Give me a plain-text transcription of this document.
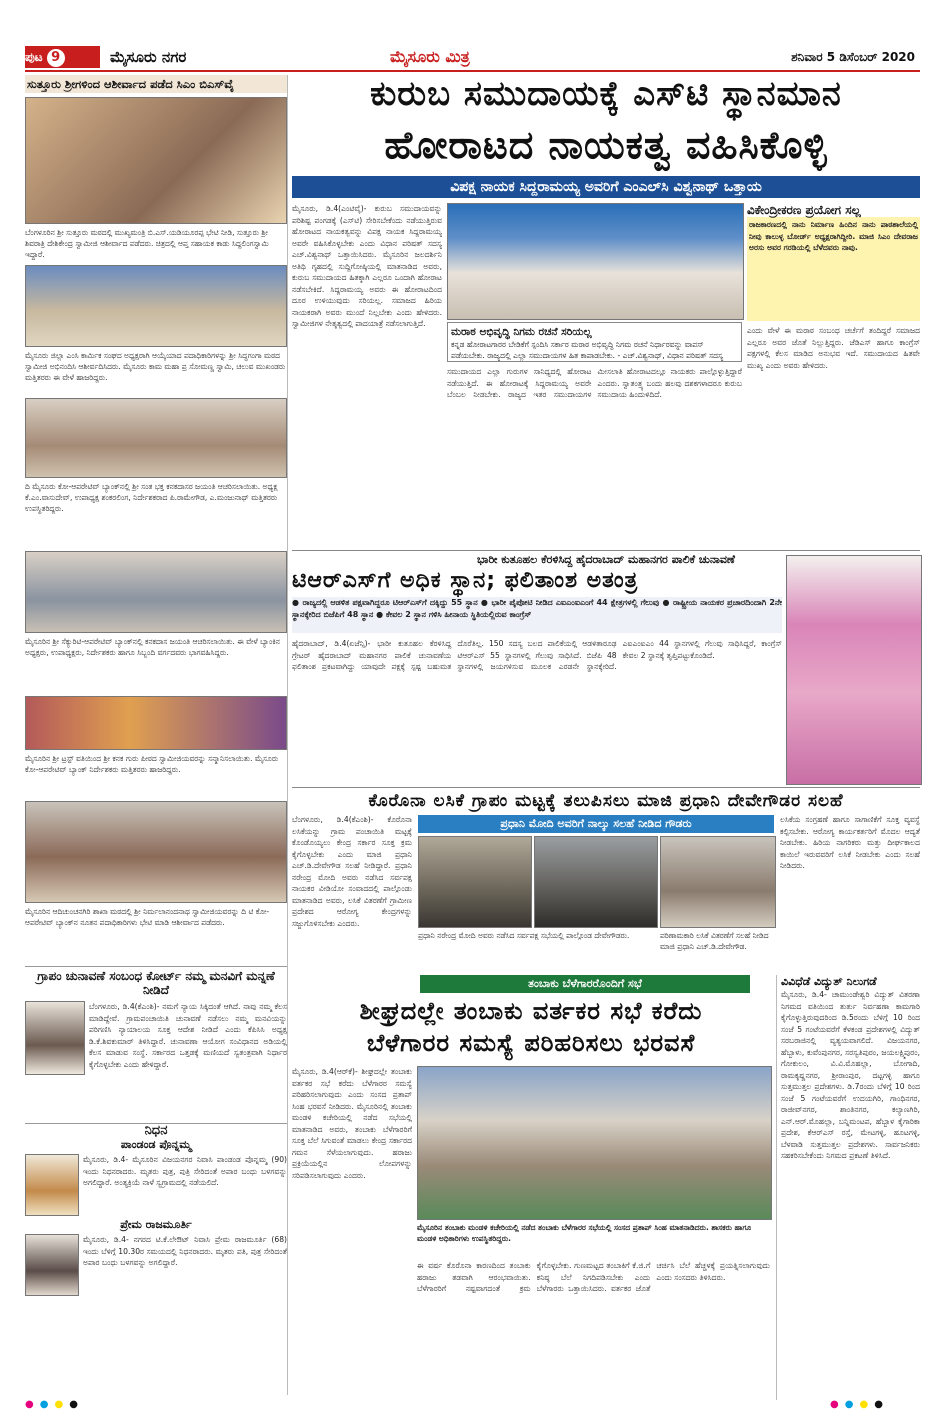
ಪುಟ 9	ಮೈಸೂರು ನಗರ	ಮೈಸೂರು ಮಿತ್ರ	ಶನಿವಾರ 5 ಡಿಸೆಂಬರ್ 2020
ಸುತ್ತೂರು ಶ್ರೀಗಳಿಂದ ಆಶೀರ್ವಾದ ಪಡೆದ ಸಿಎಂ ಬಿಎಸ್‌ವೈ
ಬೆಂಗಳೂರಿನ ಶ್ರೀ ಸುತ್ತೂರು ಮಠದಲ್ಲಿ ಮುಖ್ಯಮಂತ್ರಿ ಬಿ.ಎಸ್.ಯಡಿಯೂರಪ್ಪ ಭೇಟಿ ನೀಡಿ, ಸುತ್ತೂರು ಶ್ರೀ ಶಿವರಾತ್ರಿ ದೇಶಿಕೇಂದ್ರ ಸ್ವಾಮೀಜಿ ಆಶೀರ್ವಾದ ಪಡೆದರು. ಚಿತ್ರದಲ್ಲಿ ಆಪ್ತ ಸಹಾಯಕ ಕಾಡು ಸಿದ್ದಲಿಂಗಸ್ವಾಮಿ ಇದ್ದಾರೆ.
ಮೈಸೂರು ಜಿಲ್ಲಾ ಎಂಸಿ ಕಾರ್ಮಿಕ ಸಂಘದ ಅಧ್ಯಕ್ಷರಾಗಿ ಆಯ್ಕೆಯಾದ ಪದಾಧಿಕಾರಿಗಳನ್ನು ಶ್ರೀ ಸಿದ್ಧಗಂಗಾ ಮಠದ ಸ್ವಾಮೀಜಿ ಅಭಿನಂದಿಸಿ ಆಶೀರ್ವದಿಸಿದರು. ಮೈಸೂರು ಕಾಮ ಮಹಾ ಪ್ರ ಸೋಮಣ್ಣ ಸ್ವಾಮಿ, ಚಲುವ ಮುಖಂಡರು ಮತ್ತಿತರರು ಈ ವೇಳೆ ಹಾಜರಿದ್ದರು.
ದಿ ಮೈಸೂರು ಕೋ-ಆಪರೇಟಿವ್ ಬ್ಯಾಂಕ್‌ನಲ್ಲಿ ಶ್ರೀ ಸಂತ ಭಕ್ತ ಕನಕದಾಸರ ಜಯಂತಿ ಆಚರಿಸಲಾಯಿತು. ಅಧ್ಯಕ್ಷ ಕೆ.ಎಂ.ವಾಸುದೇವ್, ಉಪಾಧ್ಯಕ್ಷ ಶಂಕರಲಿಂಗ, ನಿರ್ದೇಶಕರಾದ ಪಿ.ರಾಮೇಗೌಡ, ಎ.ಮಂಜುನಾಥ್ ಮತ್ತಿತರರು ಉಪಸ್ಥಿತರಿದ್ದರು.
ಮೈಸೂರಿನ ಶ್ರೀ ಸೆಕ್ಯುರಿಟಿ-ಆಪರೇಟಿವ್ ಬ್ಯಾಂಕ್‌ನಲ್ಲಿ ಕನಕದಾಸ ಜಯಂತಿ ಆಚರಿಸಲಾಯಿತು. ಈ ವೇಳೆ ಬ್ಯಾಂಕಿನ ಅಧ್ಯಕ್ಷರು, ಉಪಾಧ್ಯಕ್ಷರು, ನಿರ್ದೇಶಕರು ಹಾಗೂ ಸಿಬ್ಬಂದಿ ವರ್ಗದವರು ಭಾಗವಹಿಸಿದ್ದರು.
ಮೈಸೂರಿನ ಶ್ರೀ ಟ್ರಸ್ಟ್ ವತಿಯಿಂದ ಶ್ರೀ ಕನಕ ಗುರು ಪೀಠದ ಸ್ವಾಮೀಜಿಯವರನ್ನು ಸನ್ಮಾನಿಸಲಾಯಿತು. ಮೈಸೂರು ಕೋ-ಆಪರೇಟಿವ್ ಬ್ಯಾಂಕ್ ನಿರ್ದೇಶಕರು ಮತ್ತಿತರರು ಹಾಜರಿದ್ದರು.
ಮೈಸೂರಿನ ಆದಿಚುಂಚನಗಿರಿ ಶಾಖಾ ಮಠದಲ್ಲಿ ಶ್ರೀ ನಿರ್ಮಲಾನಂದನಾಥ ಸ್ವಾಮೀಜಿಯವರನ್ನು ದಿ ಟಿ ಕೋ-ಆಪರೇಟಿವ್ ಬ್ಯಾಂಕ್‌ನ ನೂತನ ಪದಾಧಿಕಾರಿಗಳು ಭೇಟಿ ಮಾಡಿ ಆಶೀರ್ವಾದ ಪಡೆದರು.
ಗ್ರಾಪಂ ಚುನಾವಣೆ ಸಂಬಂಧ ಕೋರ್ಟ್ ನಮ್ಮ ಮನವಿಗೆ ಮನ್ನಣೆ ನೀಡಿದೆ
ಬೆಂಗಳೂರು, ಡಿ.4(ಕೆಎಂಶಿ)- ನಮಗೆ ನ್ಯಾಯ ಸಿಕ್ಕಿದಂತೆ ಆಗಿದೆ. ನಾವು ನಮ್ಮ ಕೆಲಸ ಮಾಡಿದ್ದೇವೆ. ಗ್ರಾಮಪಂಚಾಯಿತಿ ಚುನಾವಣೆ ನಡೆಸಲು ನಮ್ಮ ಮನವಿಯನ್ನು ಪರಿಗಣಿಸಿ ನ್ಯಾಯಾಲಯ ಸೂಕ್ತ ಆದೇಶ ನೀಡಿದೆ ಎಂದು ಕೆಪಿಸಿಸಿ ಅಧ್ಯಕ್ಷ ಡಿ.ಕೆ.ಶಿವಕುಮಾರ್ ತಿಳಿಸಿದ್ದಾರೆ. ಚುನಾವಣಾ ಆಯೋಗ ಸಂವಿಧಾನದ ಅಡಿಯಲ್ಲಿ ಕೆಲಸ ಮಾಡುವ ಸಂಸ್ಥೆ. ಸರ್ಕಾರದ ಒತ್ತಡಕ್ಕೆ ಮಣಿಯದೆ ಸ್ವತಂತ್ರವಾಗಿ ನಿರ್ಧಾರ ಕೈಗೊಳ್ಳಬೇಕು ಎಂದು ಹೇಳಿದ್ದಾರೆ.
ನಿಧನ
ಪಾಂಡಂಡ ಪೊನ್ನಮ್ಮ
ಮೈಸೂರು, ಡಿ.4- ಮೈಸೂರಿನ ವಿಜಯನಗರ ನಿವಾಸಿ ಪಾಂಡಂಡ ಪೊನ್ನಮ್ಮ (90) ಇಂದು ನಿಧನರಾದರು. ಮೃತರು ಪುತ್ರ, ಪುತ್ರಿ ಸೇರಿದಂತೆ ಅಪಾರ ಬಂಧು ಬಳಗವನ್ನು ಅಗಲಿದ್ದಾರೆ. ಅಂತ್ಯಕ್ರಿಯೆ ನಾಳೆ ಸ್ವಗ್ರಾಮದಲ್ಲಿ ನಡೆಯಲಿದೆ.
ಪ್ರೇಮ ರಾಜಮೂರ್ತಿ
ಮೈಸೂರು, ಡಿ.4- ನಗರದ ಟಿ.ಕೆ.ಲೇಔಟ್ ನಿವಾಸಿ ಪ್ರೇಮ ರಾಜಮೂರ್ತಿ (68) ಇಂದು ಬೆಳಿಗ್ಗೆ 10.30ರ ಸಮಯದಲ್ಲಿ ನಿಧನರಾದರು. ಮೃತರು ಪತಿ, ಪುತ್ರ ಸೇರಿದಂತೆ ಅಪಾರ ಬಂಧು ಬಳಗವನ್ನು ಅಗಲಿದ್ದಾರೆ.
ಕುರುಬ ಸಮುದಾಯಕ್ಕೆ ಎಸ್‌ಟಿ ಸ್ಥಾನಮಾನ
ಹೋರಾಟದ ನಾಯಕತ್ವ ವಹಿಸಿಕೊಳ್ಳಿ
ವಿಪಕ್ಷ ನಾಯಕ ಸಿದ್ದರಾಮಯ್ಯ ಅವರಿಗೆ ಎಂಎಲ್‌ಸಿ ವಿಶ್ವನಾಥ್ ಒತ್ತಾಯ
ಮೈಸೂರು, ಡಿ.4(ಎಂಟಿವೈ)- ಕುರುಬ ಸಮುದಾಯವನ್ನು ಪರಿಶಿಷ್ಟ ಪಂಗಡಕ್ಕೆ (ಎಸ್‌ಟಿ) ಸೇರಿಸಬೇಕೆಂದು ನಡೆಯುತ್ತಿರುವ ಹೋರಾಟದ ನಾಯಕತ್ವವನ್ನು ವಿಪಕ್ಷ ನಾಯಕ ಸಿದ್ದರಾಮಯ್ಯ ಅವರೇ ವಹಿಸಿಕೊಳ್ಳಬೇಕು ಎಂದು ವಿಧಾನ ಪರಿಷತ್ ಸದಸ್ಯ ಎಚ್.ವಿಶ್ವನಾಥ್ ಒತ್ತಾಯಿಸಿದರು. ಮೈಸೂರಿನ ಜಲದರ್ಶಿನಿ ಅತಿಥಿ ಗೃಹದಲ್ಲಿ ಸುದ್ದಿಗೋಷ್ಠಿಯಲ್ಲಿ ಮಾತನಾಡಿದ ಅವರು, ಕುರುಬ ಸಮುದಾಯದ ಹಿತಕ್ಕಾಗಿ ಎಲ್ಲರೂ ಒಂದಾಗಿ ಹೋರಾಟ ನಡೆಸಬೇಕಿದೆ. ಸಿದ್ದರಾಮಯ್ಯ ಅವರು ಈ ಹೋರಾಟದಿಂದ ದೂರ ಉಳಿಯುವುದು ಸರಿಯಲ್ಲ. ಸಮಾಜದ ಹಿರಿಯ ನಾಯಕರಾಗಿ ಅವರು ಮುಂದೆ ನಿಲ್ಲಬೇಕು ಎಂದು ಹೇಳಿದರು. ಸ್ವಾಮೀಜಿಗಳ ನೇತೃತ್ವದಲ್ಲಿ ಪಾದಯಾತ್ರೆ ನಡೆಸಲಾಗುತ್ತಿದೆ.
ಮರಾಠ ಅಭಿವೃದ್ಧಿ ನಿಗಮ ರಚನೆ ಸರಿಯಲ್ಲ
ಕನ್ನಡ ಹೋರಾಟಗಾರರ ಬೇಡಿಕೆಗೆ ಸ್ಪಂದಿಸಿ ಸರ್ಕಾರ ಮರಾಠ ಅಭಿವೃದ್ಧಿ ನಿಗಮ ರಚನೆ ನಿರ್ಧಾರವನ್ನು ವಾಪಸ್ ಪಡೆಯಬೇಕು. ರಾಜ್ಯದಲ್ಲಿ ಎಲ್ಲಾ ಸಮುದಾಯಗಳ ಹಿತ ಕಾಪಾಡಬೇಕು. - ಎಚ್.ವಿಶ್ವನಾಥ್, ವಿಧಾನ ಪರಿಷತ್ ಸದಸ್ಯ
ಸಮುದಾಯದ ಎಲ್ಲಾ ಗುರುಗಳ ಸಾನಿಧ್ಯದಲ್ಲಿ ಹೋರಾಟ ನಡೆಯುತ್ತಿದೆ. ಈ ಹೋರಾಟಕ್ಕೆ ಸಿದ್ದರಾಮಯ್ಯ ಅವರೇ ಬೆಂಬಲ ನೀಡಬೇಕು. ರಾಜ್ಯದ ಇತರ ಸಮುದಾಯಗಳ ಮೀಸಲಾತಿ ಹೋರಾಟದಲ್ಲೂ ನಾಯಕರು ಪಾಲ್ಗೊಳ್ಳುತ್ತಿದ್ದಾರೆ ಎಂದರು. ಸ್ವಾತಂತ್ರ್ಯ ಬಂದು ಹಲವು ದಶಕಗಳಾದರೂ ಕುರುಬ ಸಮುದಾಯ ಹಿಂದುಳಿದಿದೆ.
ವಿಕೇಂದ್ರೀಕರಣ ಪ್ರಯೋಗ ಸಲ್ಲ
ರಾಜಕಾರಣದಲ್ಲಿ ನಾನು ನಿರ್ಮಾಣ ಹಿಂದಿನ ನಾನು ಪಾಠಶಾಲೆಯಲ್ಲಿ ನೀವು ಕಾಲುಳ್ಳ ಬೋರ್ಡ್ ಅಧ್ಯಕ್ಷರಾಗಿದ್ದೀರಿ. ಮಾಜಿ ಸಿಎಂ ದೇವರಾಜ ಅರಸು ಅವರ ಗರಡಿಯಲ್ಲಿ ಬೆಳೆದವರು ನಾವು.
ಎಂದು ವೇಳೆ ಈ ಮರಾಠ ಸಂಬಂಧ ಚರ್ಚೆಗೆ ತಂದಿದ್ದರೆ ಸಮಾಜದ ಎಲ್ಲರೂ ಅವರ ಜೊತೆ ನಿಲ್ಲುತ್ತಿದ್ದರು. ಜೆಡಿಎಸ್ ಹಾಗೂ ಕಾಂಗ್ರೆಸ್ ಪಕ್ಷಗಳಲ್ಲಿ ಕೆಲಸ ಮಾಡಿದ ಅನುಭವ ಇದೆ. ಸಮುದಾಯದ ಹಿತವೇ ಮುಖ್ಯ ಎಂದು ಅವರು ಹೇಳಿದರು.
ಭಾರೀ ಕುತೂಹಲ ಕೆರಳಿಸಿದ್ದ ಹೈದರಾಬಾದ್ ಮಹಾನಗರ ಪಾಲಿಕೆ ಚುನಾವಣೆ
ಟಿಆರ್‌ಎಸ್‌ಗೆ ಅಧಿಕ ಸ್ಥಾನ; ಫಲಿತಾಂಶ ಅತಂತ್ರ
● ರಾಜ್ಯದಲ್ಲಿ ಆಡಳಿತ ಪಕ್ಷವಾಗಿದ್ದರೂ ಟಿಆರ್‌ಎಸ್‌ಗೆ ದಕ್ಕಿದ್ದು 55 ಸ್ಥಾನ ● ಭಾರೀ ಪೈಪೋಟಿ ನೀಡಿದ ಎಐಎಂಐಎಂಗೆ 44 ಕ್ಷೇತ್ರಗಳಲ್ಲಿ ಗೆಲುವು ● ರಾಷ್ಟ್ರೀಯ ನಾಯಕರ ಪ್ರಚಾರದಿಂದಾಗಿ 2ನೇ ಸ್ಥಾನಕ್ಕೇರಿದ ಬಿಜೆಪಿಗೆ 48 ಸ್ಥಾನ ● ಕೇವಲ 2 ಸ್ಥಾನ ಗಳಿಸಿ ಹೀನಾಯ ಸ್ಥಿತಿಯಲ್ಲಿರುವ ಕಾಂಗ್ರೆಸ್
ಹೈದರಾಬಾದ್, ಡಿ.4(ಏಜೆನ್ಸಿ)- ಭಾರೀ ಕುತೂಹಲ ಕೆರಳಿಸಿದ್ದ ಗ್ರೇಟರ್ ಹೈದರಾಬಾದ್ ಮಹಾನಗರ ಪಾಲಿಕೆ ಚುನಾವಣೆಯ ಫಲಿತಾಂಶ ಪ್ರಕಟವಾಗಿದ್ದು ಯಾವುದೇ ಪಕ್ಷಕ್ಕೆ ಸ್ಪಷ್ಟ ಬಹುಮತ ದೊರೆತಿಲ್ಲ. 150 ಸದಸ್ಯ ಬಲದ ಪಾಲಿಕೆಯಲ್ಲಿ ಆಡಳಿತಾರೂಢ ಟಿಆರ್‌ಎಸ್ 55 ಸ್ಥಾನಗಳಲ್ಲಿ ಗೆಲುವು ಸಾಧಿಸಿದೆ. ಬಿಜೆಪಿ 48 ಸ್ಥಾನಗಳಲ್ಲಿ ಜಯಗಳಿಸುವ ಮೂಲಕ ಎರಡನೇ ಸ್ಥಾನಕ್ಕೇರಿದೆ. ಎಐಎಂಐಎಂ 44 ಸ್ಥಾನಗಳಲ್ಲಿ ಗೆಲುವು ಸಾಧಿಸಿದ್ದರೆ, ಕಾಂಗ್ರೆಸ್ ಕೇವಲ 2 ಸ್ಥಾನಕ್ಕೆ ತೃಪ್ತಿಪಟ್ಟುಕೊಂಡಿದೆ.
ಕೊರೊನಾ ಲಸಿಕೆ ಗ್ರಾಪಂ ಮಟ್ಟಕ್ಕೆ ತಲುಪಿಸಲು ಮಾಜಿ ಪ್ರಧಾನಿ ದೇವೇಗೌಡರ ಸಲಹೆ
ಬೆಂಗಳೂರು, ಡಿ.4(ಕೆಎಂಶಿ)- ಕೊರೊನಾ ಲಸಿಕೆಯನ್ನು ಗ್ರಾಮ ಪಂಚಾಯಿತಿ ಮಟ್ಟಕ್ಕೆ ಕೊಂಡೊಯ್ಯಲು ಕೇಂದ್ರ ಸರ್ಕಾರ ಸೂಕ್ತ ಕ್ರಮ ಕೈಗೊಳ್ಳಬೇಕು ಎಂದು ಮಾಜಿ ಪ್ರಧಾನಿ ಎಚ್.ಡಿ.ದೇವೇಗೌಡ ಸಲಹೆ ನೀಡಿದ್ದಾರೆ. ಪ್ರಧಾನಿ ನರೇಂದ್ರ ಮೋದಿ ಅವರು ನಡೆಸಿದ ಸರ್ವಪಕ್ಷ ನಾಯಕರ ವೀಡಿಯೋ ಸಂವಾದದಲ್ಲಿ ಪಾಲ್ಗೊಂಡು ಮಾತನಾಡಿದ ಅವರು, ಲಸಿಕೆ ವಿತರಣೆಗೆ ಗ್ರಾಮೀಣ ಪ್ರದೇಶದ ಆರೋಗ್ಯ ಕೇಂದ್ರಗಳನ್ನು ಸಜ್ಜುಗೊಳಿಸಬೇಕು ಎಂದರು.
ಪ್ರಧಾನಿ ಮೋದಿ ಅವರಿಗೆ ನಾಲ್ಕು ಸಲಹೆ ನೀಡಿದ ಗೌಡರು
ಪ್ರಧಾನಿ ನರೇಂದ್ರ ಮೋದಿ ಅವರು ನಡೆಸಿದ ಸರ್ವಪಕ್ಷ ಸಭೆಯಲ್ಲಿ ಪಾಲ್ಗೊಂಡ ದೇವೇಗೌಡರು.	ಪರಿಣಾಮಕಾರಿ ಲಸಿಕೆ ವಿತರಣೆಗೆ ಸಲಹೆ ನೀಡಿದ ಮಾಜಿ ಪ್ರಧಾನಿ ಎಚ್.ಡಿ.ದೇವೇಗೌಡ.
ಲಸಿಕೆಯ ಸಂಗ್ರಹಣೆ ಹಾಗೂ ಸಾಗಾಣಿಕೆಗೆ ಸೂಕ್ತ ವ್ಯವಸ್ಥೆ ಕಲ್ಪಿಸಬೇಕು. ಆರೋಗ್ಯ ಕಾರ್ಯಕರ್ತರಿಗೆ ಮೊದಲ ಆದ್ಯತೆ ನೀಡಬೇಕು. ಹಿರಿಯ ನಾಗರಿಕರು ಮತ್ತು ದೀರ್ಘಕಾಲದ ಕಾಯಿಲೆ ಇರುವವರಿಗೆ ಲಸಿಕೆ ನೀಡಬೇಕು ಎಂದು ಸಲಹೆ ನೀಡಿದರು.
ತಂಬಾಕು ಬೆಳೆಗಾರರೊಂದಿಗೆ ಸಭೆ
ಶೀಘ್ರದಲ್ಲೇ ತಂಬಾಕು ವರ್ತಕರ ಸಭೆ ಕರೆದು
ಬೆಳೆಗಾರರ ಸಮಸ್ಯೆ ಪರಿಹರಿಸಲು ಭರವಸೆ
ಮೈಸೂರು, ಡಿ.4(ಆರ್‌ಕೆ)- ಶೀಘ್ರದಲ್ಲೇ ತಂಬಾಕು ವರ್ತಕರ ಸಭೆ ಕರೆದು ಬೆಳೆಗಾರರ ಸಮಸ್ಯೆ ಪರಿಹರಿಸಲಾಗುವುದು ಎಂದು ಸಂಸದ ಪ್ರತಾಪ್ ಸಿಂಹ ಭರವಸೆ ನೀಡಿದರು. ಮೈಸೂರಿನಲ್ಲಿ ತಂಬಾಕು ಮಂಡಳಿ ಕಚೇರಿಯಲ್ಲಿ ನಡೆದ ಸಭೆಯಲ್ಲಿ ಮಾತನಾಡಿದ ಅವರು, ತಂಬಾಕು ಬೆಳೆಗಾರರಿಗೆ ಸೂಕ್ತ ಬೆಲೆ ಸಿಗುವಂತೆ ಮಾಡಲು ಕೇಂದ್ರ ಸರ್ಕಾರದ ಗಮನ ಸೆಳೆಯಲಾಗುವುದು. ಹರಾಜು ಪ್ರಕ್ರಿಯೆಯಲ್ಲಿನ ಲೋಪಗಳನ್ನು ಸರಿಪಡಿಸಲಾಗುವುದು ಎಂದರು.
ಮೈಸೂರಿನ ತಂಬಾಕು ಮಂಡಳಿ ಕಚೇರಿಯಲ್ಲಿ ನಡೆದ ತಂಬಾಕು ಬೆಳೆಗಾರರ ಸಭೆಯಲ್ಲಿ ಸಂಸದ ಪ್ರತಾಪ್ ಸಿಂಹ ಮಾತನಾಡಿದರು. ಶಾಸಕರು ಹಾಗೂ ಮಂಡಳಿ ಅಧಿಕಾರಿಗಳು ಉಪಸ್ಥಿತರಿದ್ದರು.
ಈ ವರ್ಷ ಕೊರೊನಾ ಕಾರಣದಿಂದ ತಂಬಾಕು ಹರಾಜು ತಡವಾಗಿ ಆರಂಭವಾಯಿತು. ಬೆಳೆಗಾರರಿಗೆ ನಷ್ಟವಾಗದಂತೆ ಕ್ರಮ ಕೈಗೊಳ್ಳಬೇಕು. ಗುಣಮಟ್ಟದ ತಂಬಾಕಿಗೆ ಕೆ.ಜಿ.ಗೆ ಕನಿಷ್ಠ ಬೆಲೆ ನಿಗದಿಪಡಿಸಬೇಕು ಎಂದು ಬೆಳೆಗಾರರು ಒತ್ತಾಯಿಸಿದರು. ವರ್ತಕರ ಜೊತೆ ಚರ್ಚಿಸಿ ಬೆಲೆ ಹೆಚ್ಚಳಕ್ಕೆ ಪ್ರಯತ್ನಿಸಲಾಗುವುದು ಎಂದು ಸಂಸದರು ತಿಳಿಸಿದರು.
ವಿವಿಧೆಡೆ ವಿದ್ಯುತ್ ನಿಲುಗಡೆ
ಮೈಸೂರು, ಡಿ.4- ಚಾಮುಂಡೇಶ್ವರಿ ವಿದ್ಯುತ್ ವಿತರಣಾ ನಿಗಮದ ವತಿಯಿಂದ ತುರ್ತು ನಿರ್ವಹಣಾ ಕಾಮಗಾರಿ ಕೈಗೊಳ್ಳುತ್ತಿರುವುದರಿಂದ ಡಿ.5ರಂದು ಬೆಳಿಗ್ಗೆ 10 ರಿಂದ ಸಂಜೆ 5 ಗಂಟೆಯವರೆಗೆ ಕೆಳಕಂಡ ಪ್ರದೇಶಗಳಲ್ಲಿ ವಿದ್ಯುತ್ ಸರಬರಾಜಿನಲ್ಲಿ ವ್ಯತ್ಯಯವಾಗಲಿದೆ. ವಿಜಯನಗರ, ಹೆಬ್ಬಾಳು, ಕುವೆಂಪುನಗರ, ಸರಸ್ವತಿಪುರಂ, ಜಯಲಕ್ಷ್ಮಿಪುರಂ, ಗೋಕುಲಂ, ವಿ.ವಿ.ಮೊಹಲ್ಲಾ, ಬೋಗಾದಿ, ರಾಮಕೃಷ್ಣನಗರ, ಶ್ರೀರಾಂಪುರ, ದಟ್ಟಗಳ್ಳಿ ಹಾಗೂ ಸುತ್ತಮುತ್ತಲ ಪ್ರದೇಶಗಳು. ಡಿ.7ರಂದು ಬೆಳಿಗ್ಗೆ 10 ರಿಂದ ಸಂಜೆ 5 ಗಂಟೆಯವರೆಗೆ ಉದಯಗಿರಿ, ಗಾಂಧಿನಗರ, ರಾಜೀವ್‌ನಗರ, ಶಾಂತಿನಗರ, ಕಲ್ಯಾಣಗಿರಿ, ಎನ್.ಆರ್.ಮೊಹಲ್ಲಾ, ಬನ್ನಿಮಂಟಪ, ಹೆಬ್ಬಾಳ ಕೈಗಾರಿಕಾ ಪ್ರದೇಶ, ಕೆಆರ್‌ಎಸ್ ರಸ್ತೆ, ಮೇಟಗಳ್ಳಿ, ಹೂಟಗಳ್ಳಿ, ಬೆಳವಾಡಿ ಸುತ್ತಮುತ್ತಲ ಪ್ರದೇಶಗಳು. ಸಾರ್ವಜನಿಕರು ಸಹಕರಿಸಬೇಕೆಂದು ನಿಗಮದ ಪ್ರಕಟಣೆ ತಿಳಿಸಿದೆ.
●●●●	●●●●
